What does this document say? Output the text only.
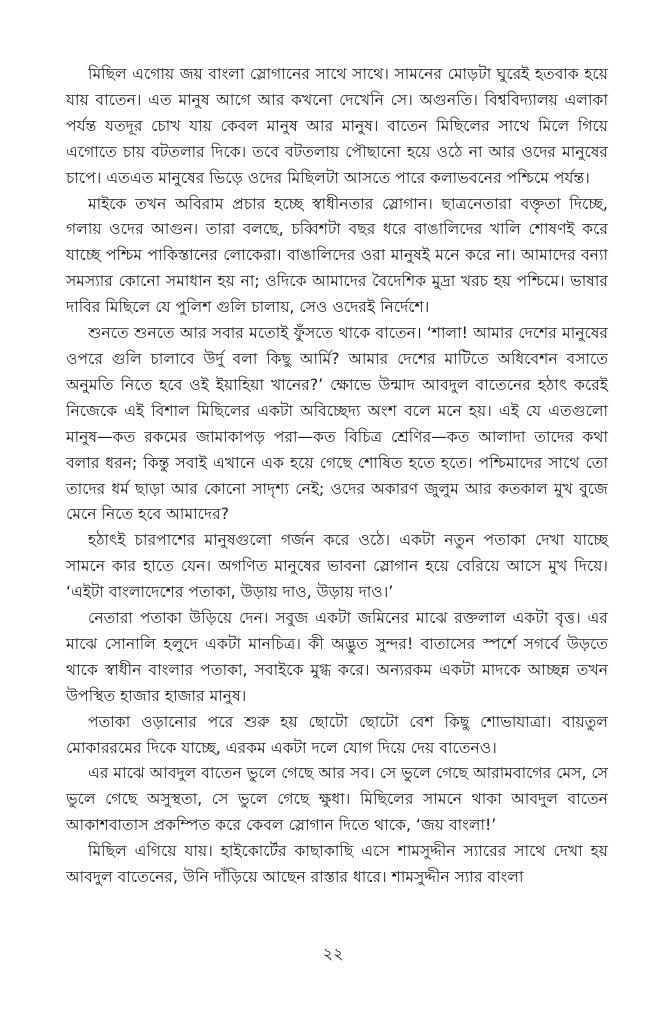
মিছিল এগোয় জয় বাংলা স্লোগানের সাথে সাথে। সামনের মোড়টা ঘুরেই হতবাক হয়ে যায় বাতেন। এত মানুষ আগে আর কখনো দেখেনি সে। অগুনতি। বিশ্ববিদ্যালয় এলাকা পর্যন্ত যতদূর চোখ যায় কেবল মানুষ আর মানুষ। বাতেন মিছিলের সাথে মিলে গিয়ে এগোতে চায় বটতলার দিকে। তবে বটতলায় পৌছানো হয়ে ওঠে না আর ওদের মানুষের চাপে। এতএত মানুষের ভিড়ে ওদের মিছিলটা আসতে পারে কলাভবনের পশ্চিমে পর্যন্ত।

মাইকে তখন অবিরাম প্রচার হচ্ছে স্বাধীনতার স্লোগান। ছাত্রনেতারা বক্তৃতা দিচ্ছে, গলায় ওদের আগুন। তারা বলছে, চব্বিশটা বছর ধরে বাঙালিদের খালি শোষণই করে যাচ্ছে পশ্চিম পাকিস্তানের লোকেরা। বাঙালিদের ওরা মানুষই মনে করে না। আমাদের বন্যা সমস্যার কোনো সমাধান হয় না; ওদিকে আমাদের বৈদেশিক মুদ্রা খরচ হয় পশ্চিমে। ভাষার দাবির মিছিলে যে পুলিশ গুলি চালায়, সেও ওদেরই নির্দেশে।

শুনতে শুনতে আর সবার মতোই ফুঁসতে থাকে বাতেন। ‘শালা! আমার দেশের মানুষের ওপরে গুলি চালাবে উর্দু বলা কিছু আর্মি? আমার দেশের মাটিতে অধিবেশন বসাতে অনুমতি নিতে হবে ওই ইয়াহিয়া খানের?’ ক্ষোভে উন্মাদ আবদুল বাতেনের হঠাৎ করেই নিজেকে এই বিশাল মিছিলের একটা অবিচ্ছেদ্য অংশ বলে মনে হয়। এই যে এতগুলো মানুষ—কত রকমের জামাকাপড় পরা—কত বিচিত্র শ্রেণির—কত আলাদা তাদের কথা বলার ধরন; কিন্তু সবাই এখানে এক হয়ে গেছে শোষিত হতে হতে। পশ্চিমাদের সাথে তো তাদের ধর্ম ছাড়া আর কোনো সাদৃশ্য নেই; ওদের অকারণ জুলুম আর কতকাল মুখ বুজে মেনে নিতে হবে আমাদের?

হঠাৎই চারপাশের মানুষগুলো গর্জন করে ওঠে। একটা নতুন পতাকা দেখা যাচ্ছে সামনে কার হাতে যেন। অগণিত মানুষের ভাবনা স্লোগান হয়ে বেরিয়ে আসে মুখ দিয়ে। ‘এইটা বাংলাদেশের পতাকা, উড়ায় দাও, উড়ায় দাও।’

নেতারা পতাকা উড়িয়ে দেন। সবুজ একটা জমিনের মাঝে রক্তলাল একটা বৃত্ত। এর মাঝে সোনালি হলুদে একটা মানচিত্র। কী অদ্ভুত সুন্দর! বাতাসের স্পর্শে সগর্বে উড়তে থাকে স্বাধীন বাংলার পতাকা, সবাইকে মুগ্ধ করে। অন্যরকম একটা মাদকে আচ্ছন্ন তখন উপস্থিত হাজার হাজার মানুষ।

পতাকা ওড়ানোর পরে শুরু হয় ছোটো ছোটো বেশ কিছু শোভাযাত্রা। বায়তুল মোকাররমের দিকে যাচ্ছে, এরকম একটা দলে যোগ দিয়ে দেয় বাতেনও।

এর মাঝে আবদুল বাতেন ভুলে গেছে আর সব। সে ভুলে গেছে আরামবাগের মেস, সে ভুলে গেছে অসুস্থতা, সে ভুলে গেছে ক্ষুধা। মিছিলের সামনে থাকা আবদুল বাতেন আকাশবাতাস প্রকম্পিত করে কেবল স্লোগান দিতে থাকে, ‘জয় বাংলা!’

মিছিল এগিয়ে যায়। হাইকোর্টের কাছাকাছি এসে শামসুদ্দীন স্যারের সাথে দেখা হয় আবদুল বাতেনের, উনি দাঁড়িয়ে আছেন রাস্তার ধারে। শামসুদ্দীন স্যার বাংলা

২২
